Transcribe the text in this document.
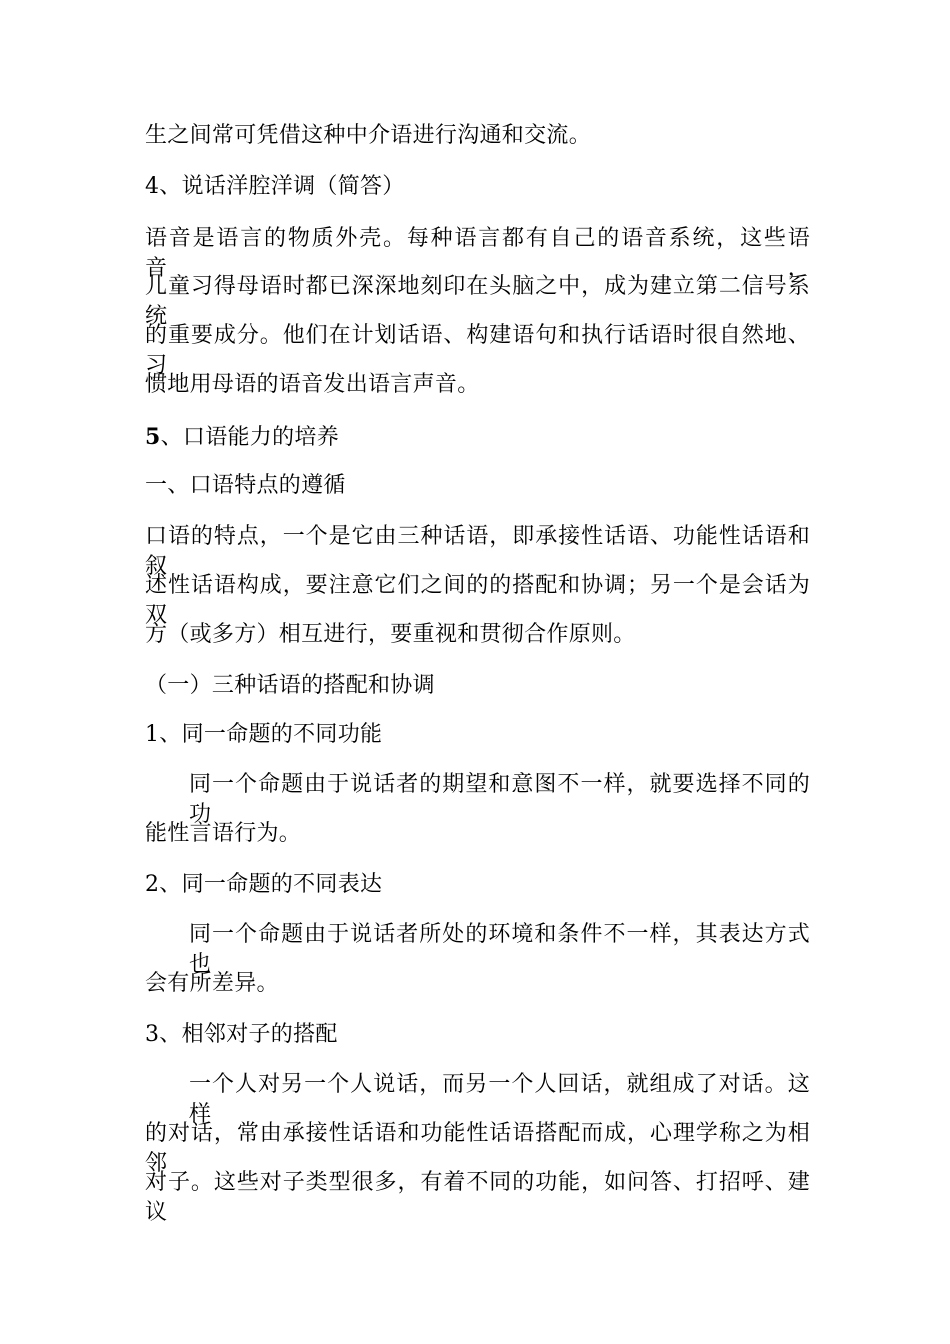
生之间常可凭借这种中介语进行沟通和交流。
4、说话洋腔洋调（简答）
语音是语言的物质外壳。每种语言都有自己的语音系统，这些语音，
儿童习得母语时都已深深地刻印在头脑之中，成为建立第二信号系统
的重要成分。他们在计划话语、构建语句和执行话语时很自然地、习
惯地用母语的语音发出语言声音。
5、口语能力的培养
一、口语特点的遵循
口语的特点，一个是它由三种话语，即承接性话语、功能性话语和叙
述性话语构成，要注意它们之间的的搭配和协调；另一个是会话为双
方（或多方）相互进行，要重视和贯彻合作原则。
（一）三种话语的搭配和协调
1、同一命题的不同功能
同一个命题由于说话者的期望和意图不一样，就要选择不同的功
能性言语行为。
2、同一命题的不同表达
同一个命题由于说话者所处的环境和条件不一样，其表达方式也
会有所差异。
3、相邻对子的搭配
一个人对另一个人说话，而另一个人回话，就组成了对话。这样
的对话，常由承接性话语和功能性话语搭配而成，心理学称之为相邻
对子。这些对子类型很多，有着不同的功能，如问答、打招呼、建议
